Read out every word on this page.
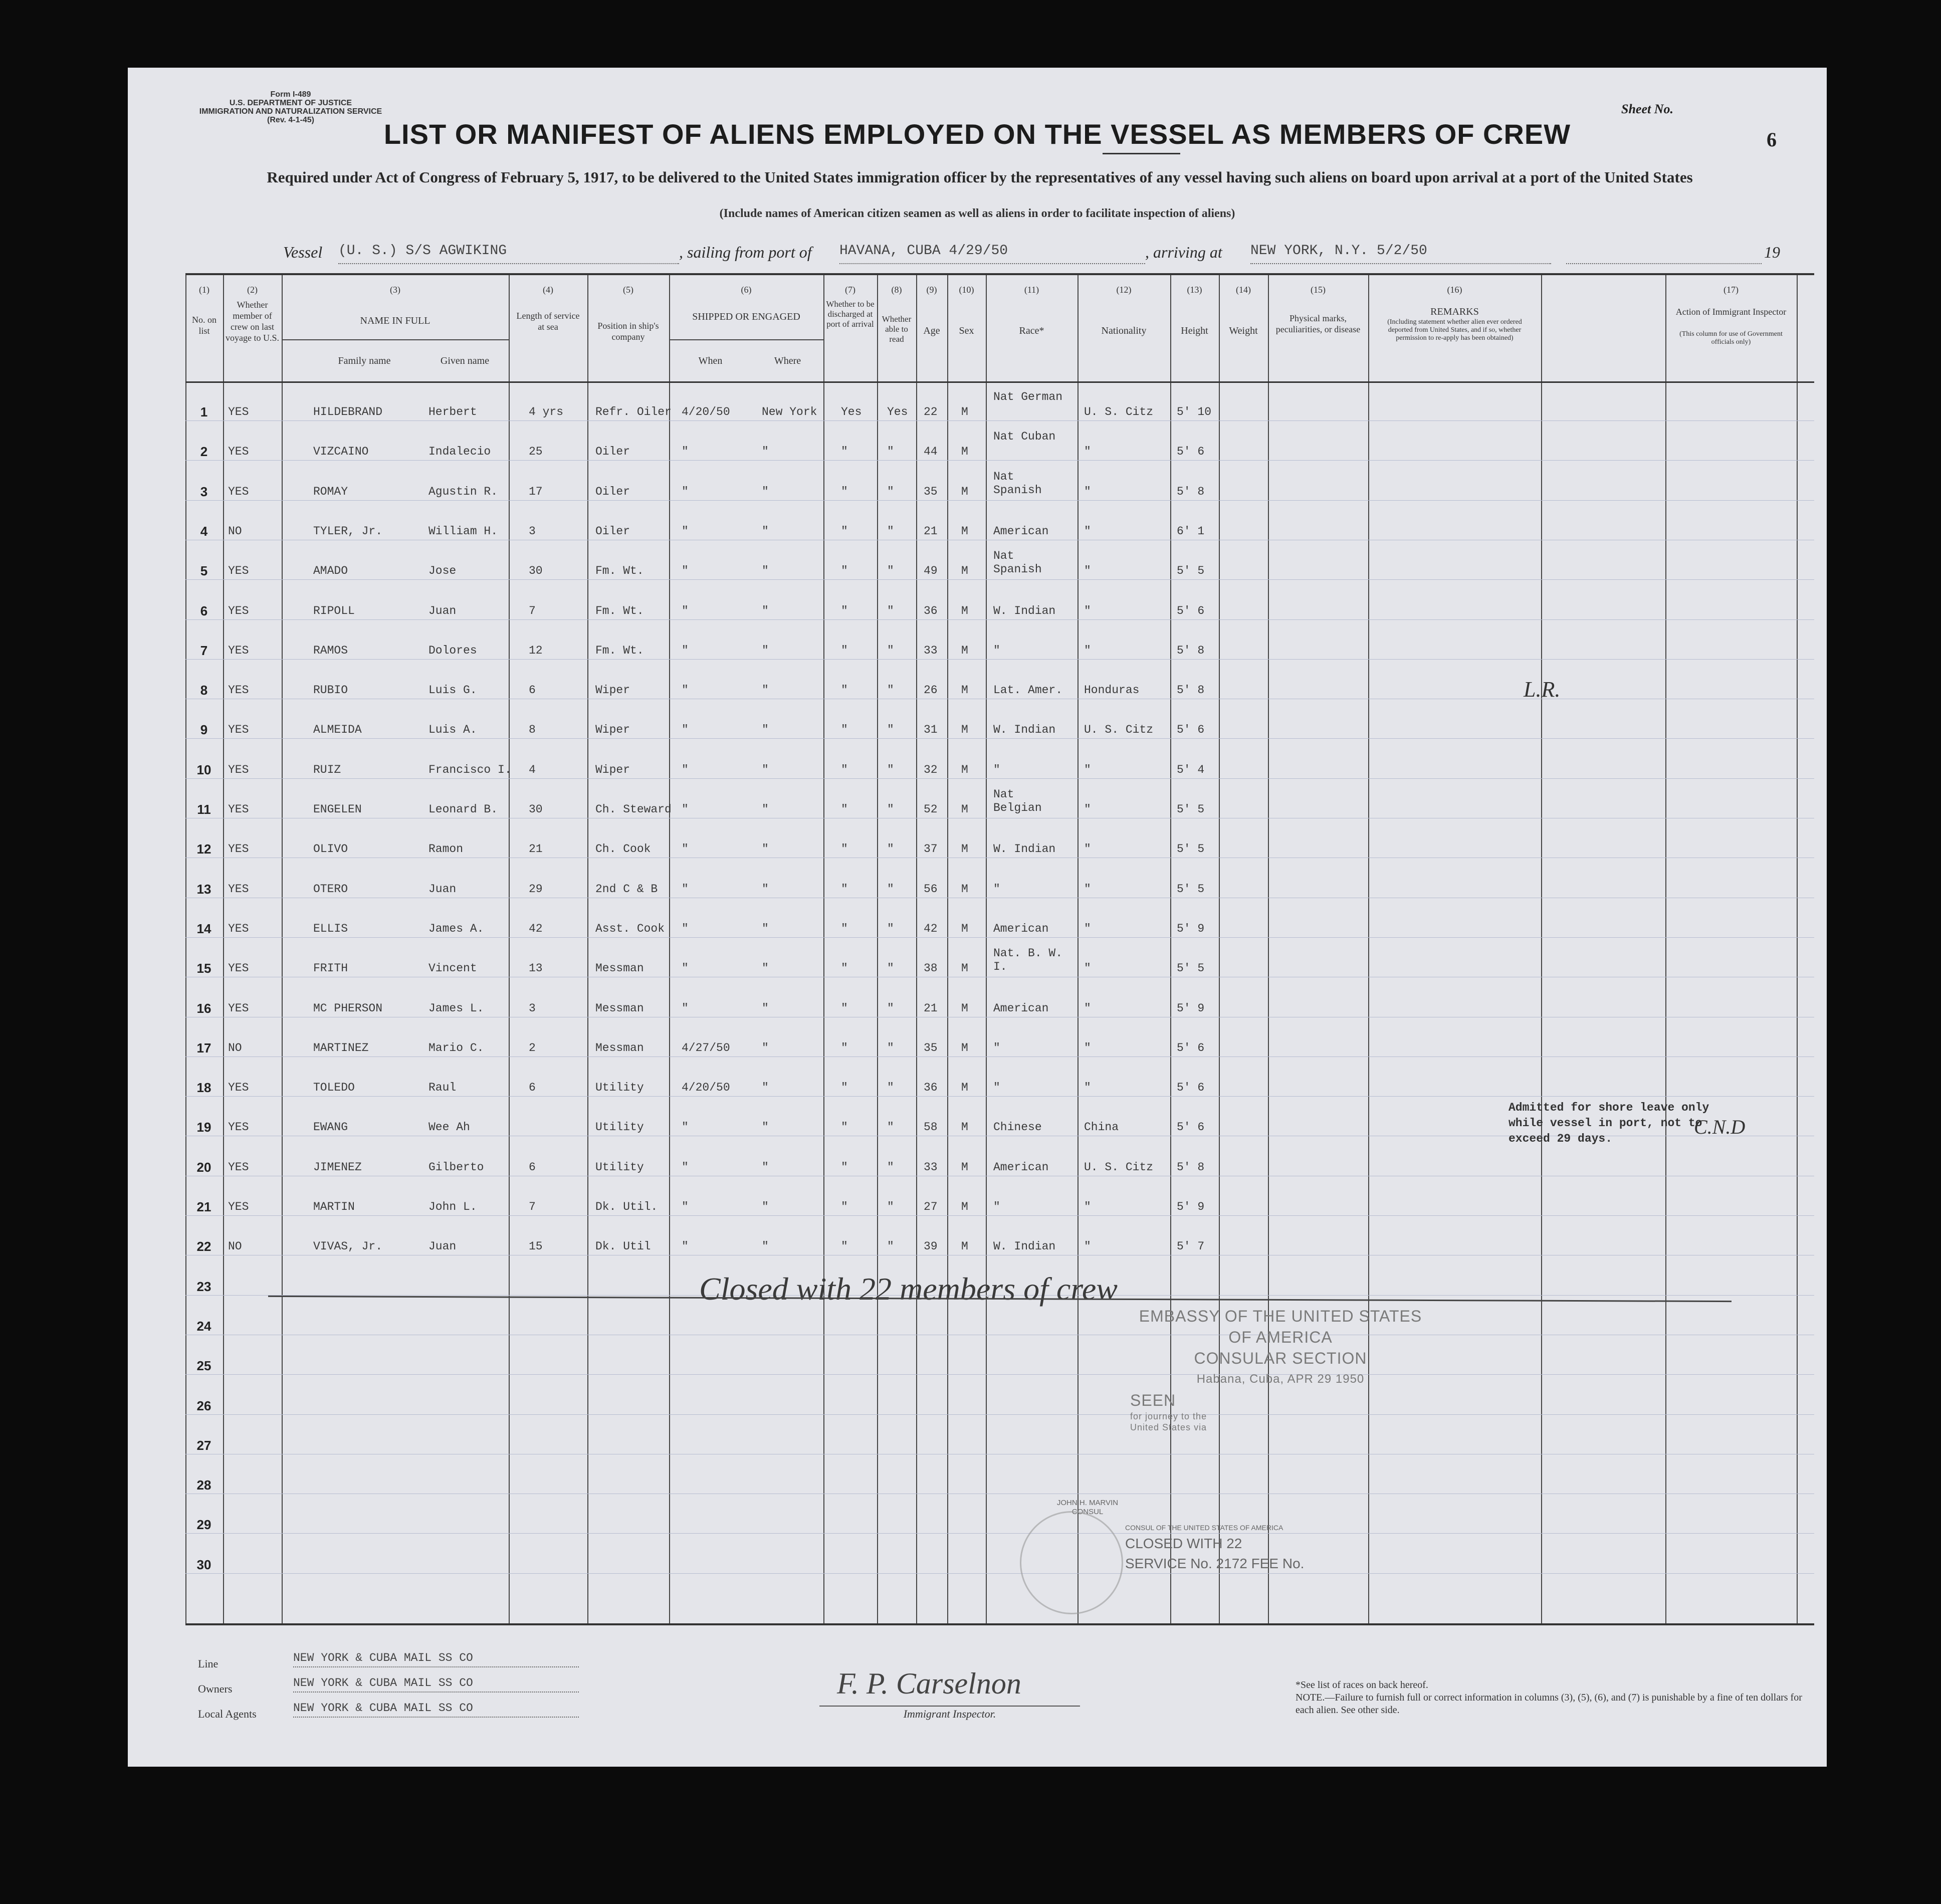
Form I-489
U.S. DEPARTMENT OF JUSTICE
IMMIGRATION AND NATURALIZATION SERVICE
(Rev. 4-1-45)
Sheet No.
6
LIST OR MANIFEST OF ALIENS EMPLOYED ON THE VESSEL AS MEMBERS OF CREW
Required under Act of Congress of February 5, 1917, to be delivered to the United States immigration officer by the representatives of any vessel having such aliens on board upon arrival at a port of the United States
(Include names of American citizen seamen as well as aliens in order to facilitate inspection of aliens)
Vessel (U. S.) S/S AGWIKING	, sailing from port of HAVANA, CUBA 4/29/50	, arriving at NEW YORK, N.Y. 5/2/50	19
(1)
No. on list
(2)
Whether member of crew on last voyage to U.S.
(3)
NAME IN FULL
Family name	Given name
(4)
Length of service at sea
(5)
Position in ship's company
(6)
SHIPPED OR ENGAGED
When	Where
(7)
Whether to be discharged at port of arrival
(8)
Whether able to read
(9)
Age
(10)
Sex
(11)
Race*
(12)
Nationality
(13)
Height
(14)
Weight
(15)
Physical marks, peculiarities, or disease
(16)
REMARKS
(Including statement whether alien ever ordered deported from United States, and if so, whether permission to re-apply has been obtained)
(17)
Action of Immigrant Inspector
(This column for use of Government officials only)
1	YES	HILDEBRAND	Herbert	4 yrs	Refr. Oiler 4/20/50	New York Yes Yes 22 M
Nat German
U. S. Citz 5' 10
2	YES	VIZCAINO	Indalecio	25	Oiler	"	"	"	"	44 M
Nat Cuban
"	5' 6
3	YES	ROMAY	Agustin R.	17	Oiler	"	"	"	"	35 M
Nat Spanish	"	5' 8
4	NO	TYLER, Jr.	William H.	3	Oiler	"	"	"	"	21 M American	"	6' 1
5	YES	AMADO	Jose	30	Fm. Wt.	"	"	"	"	49 M
Nat Spanish	"	5' 5
6	YES	RIPOLL	Juan	7	Fm. Wt.	"	"	"	"	36 M W. Indian "	5' 6
7	YES	RAMOS	Dolores	12	Fm. Wt.	"	"	"	"	33 M "	"	5' 8
8	YES	RUBIO	Luis G.	6	Wiper	"	"	"	"	26 M Lat. Amer. Honduras	5' 8
9	YES	ALMEIDA	Luis A.	8	Wiper	"	"	"	"	31 M W. Indian U. S. Citz 5' 6
10	YES	RUIZ	Francisco I. 4	Wiper	"	"	"	"	32 M "	"	5' 4
11	YES	ENGELEN	Leonard B.	30	Ch. Steward "	"	"	"	52 M
Nat Belgian	"	5' 5
12	YES	OLIVO	Ramon	21	Ch. Cook	"	"	"	"	37 M W. Indian "	5' 5
13	YES	OTERO	Juan	29	2nd C & B "	"	"	"	56 M "	"	5' 5
14	YES	ELLIS	James A.	42	Asst. Cook "	"	"	"	42 M American	"	5' 9
15	YES	FRITH	Vincent	13	Messman	"	"	"	"	38 M
Nat. B. W. I.	"	5' 5
16	YES	MC PHERSON	James L.	3	Messman	"	"	"	"	21 M American	"	5' 9
17	NO	MARTINEZ	Mario C.	2	Messman	4/27/50	"	"	"	35 M "	"	5' 6
18	YES	TOLEDO	Raul	6	Utility	4/20/50	"	"	"	36 M "	"	5' 6
19	YES	EWANG	Wee Ah	Utility	"	"	"	"	58 M Chinese	China	5' 6
20	YES	JIMENEZ	Gilberto	6	Utility	"	"	"	"	33 M American	U. S. Citz 5' 8
21	YES	MARTIN	John L.	7	Dk. Util. "	"	"	"	27 M "	"	5' 9
22	NO	VIVAS, Jr.	Juan	15	Dk. Util	"	"	"	"	39 M W. Indian "	5' 7
23
24
25
26
27
28
29
30
L.R.
Admitted for shore leave only while vessel in port, not to exceed 29 days.
C.N.D
Closed with 22 members of crew
EMBASSY OF THE UNITED STATES
OF AMERICA
CONSULAR SECTION
Habana, Cuba, APR 29 1950
SEEN
for journey to the
United States via
JOHN H. MARVIN
CONSUL
CONSUL OF THE UNITED STATES OF AMERICA
CLOSED WITH 22
SERVICE No. 2172 FEE No.
Line	NEW YORK & CUBA MAIL SS CO
Owners	NEW YORK & CUBA MAIL SS CO
Local Agents	NEW YORK & CUBA MAIL SS CO
F. P. Carselnon
Immigrant Inspector.
*See list of races on back hereof.
NOTE.—Failure to furnish full or correct information in columns (3), (5), (6), and (7) is punishable by a fine of ten dollars for each alien. See other side.
